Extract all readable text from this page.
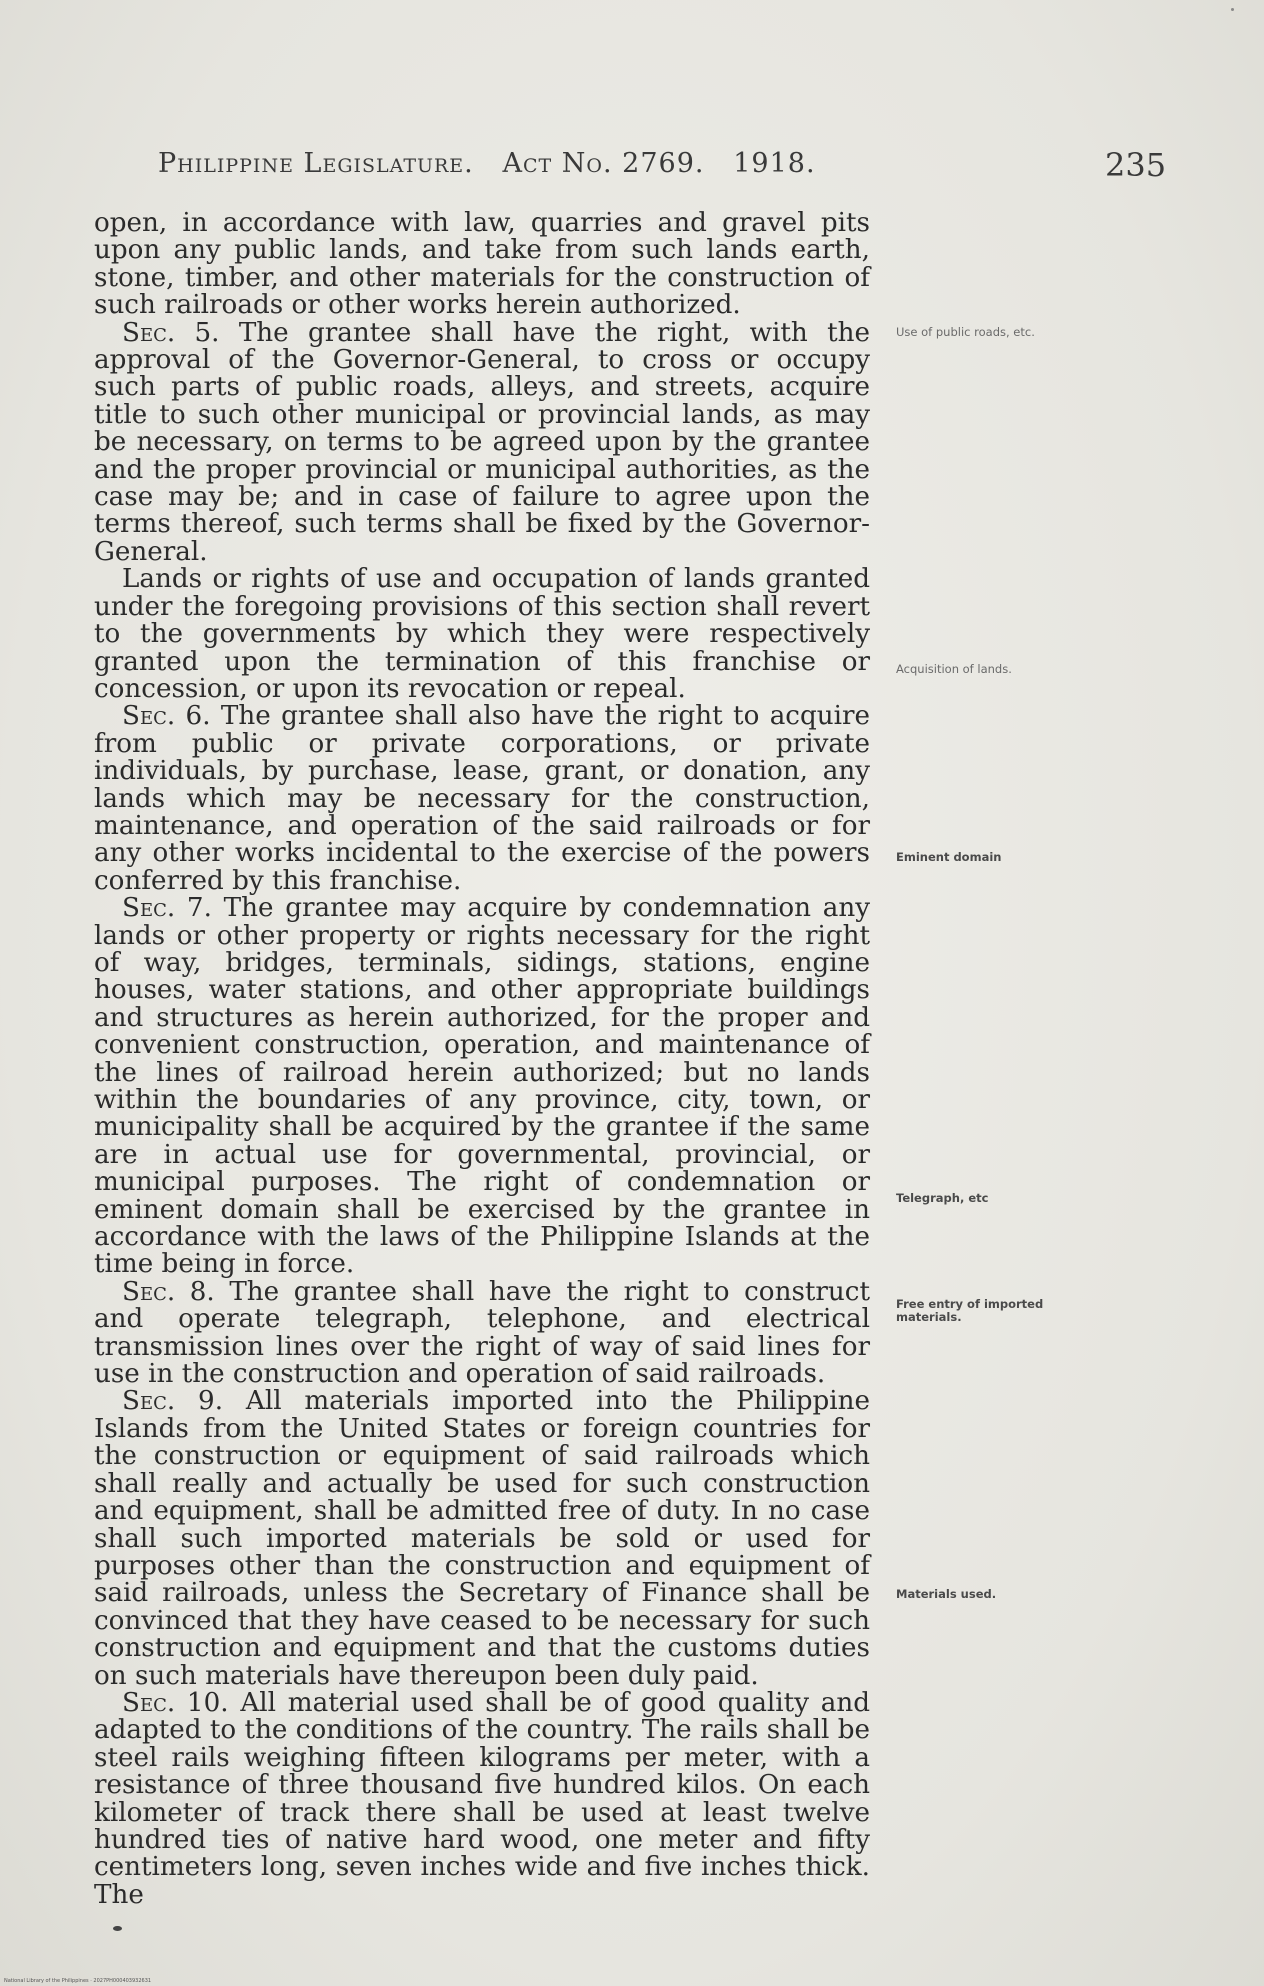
Philippine Legislature. Act No. 2769. 1918.	235

open, in accordance with law, quarries and gravel pits upon any public lands, and take from such lands earth, stone, timber, and other materials for the construction of such railroads or other works herein authorized.

Sec. 5. The grantee shall have the right, with the approval of the Governor-General, to cross or occupy such parts of public roads, alleys, and streets, acquire title to such other municipal or provincial lands, as may be necessary, on terms to be agreed upon by the grantee and the proper provincial or municipal authorities, as the case may be; and in case of failure to agree upon the terms thereof, such terms shall be fixed by the Governor-General.

Lands or rights of use and occupation of lands granted under the foregoing provisions of this section shall revert to the governments by which they were respectively granted upon the termination of this franchise or concession, or upon its revocation or repeal.

Sec. 6. The grantee shall also have the right to acquire from public or private corporations, or private individuals, by purchase, lease, grant, or donation, any lands which may be necessary for the construction, maintenance, and operation of the said railroads or for any other works incidental to the exercise of the powers conferred by this franchise.

Sec. 7. The grantee may acquire by condemnation any lands or other property or rights necessary for the right of way, bridges, terminals, sidings, stations, engine houses, water stations, and other appropriate buildings and structures as herein authorized, for the proper and convenient construction, operation, and maintenance of the lines of railroad herein authorized; but no lands within the boundaries of any province, city, town, or municipality shall be acquired by the grantee if the same are in actual use for governmental, provincial, or municipal purposes. The right of condemnation or eminent domain shall be exercised by the grantee in accordance with the laws of the Philippine Islands at the time being in force.

Sec. 8. The grantee shall have the right to construct and operate telegraph, telephone, and electrical transmission lines over the right of way of said lines for use in the construction and operation of said railroads.

Sec. 9. All materials imported into the Philippine Islands from the United States or foreign countries for the construction or equipment of said railroads which shall really and actually be used for such construction and equipment, shall be admitted free of duty. In no case shall such imported materials be sold or used for purposes other than the construction and equipment of said railroads, unless the Secretary of Finance shall be convinced that they have ceased to be necessary for such construction and equipment and that the customs duties on such materials have thereupon been duly paid.

Sec. 10. All material used shall be of good quality and adapted to the conditions of the country. The rails shall be steel rails weighing fifteen kilograms per meter, with a resistance of three thousand five hundred kilos. On each kilometer of track there shall be used at least twelve hundred ties of native hard wood, one meter and fifty centimeters long, seven inches wide and five inches thick. The

Use of public roads, etc.
Acquisition of lands.
Eminent domain
Telegraph, etc
Free entry of imported materials.
Materials used.
National Library of the Philippines · 2027PH000403932631
